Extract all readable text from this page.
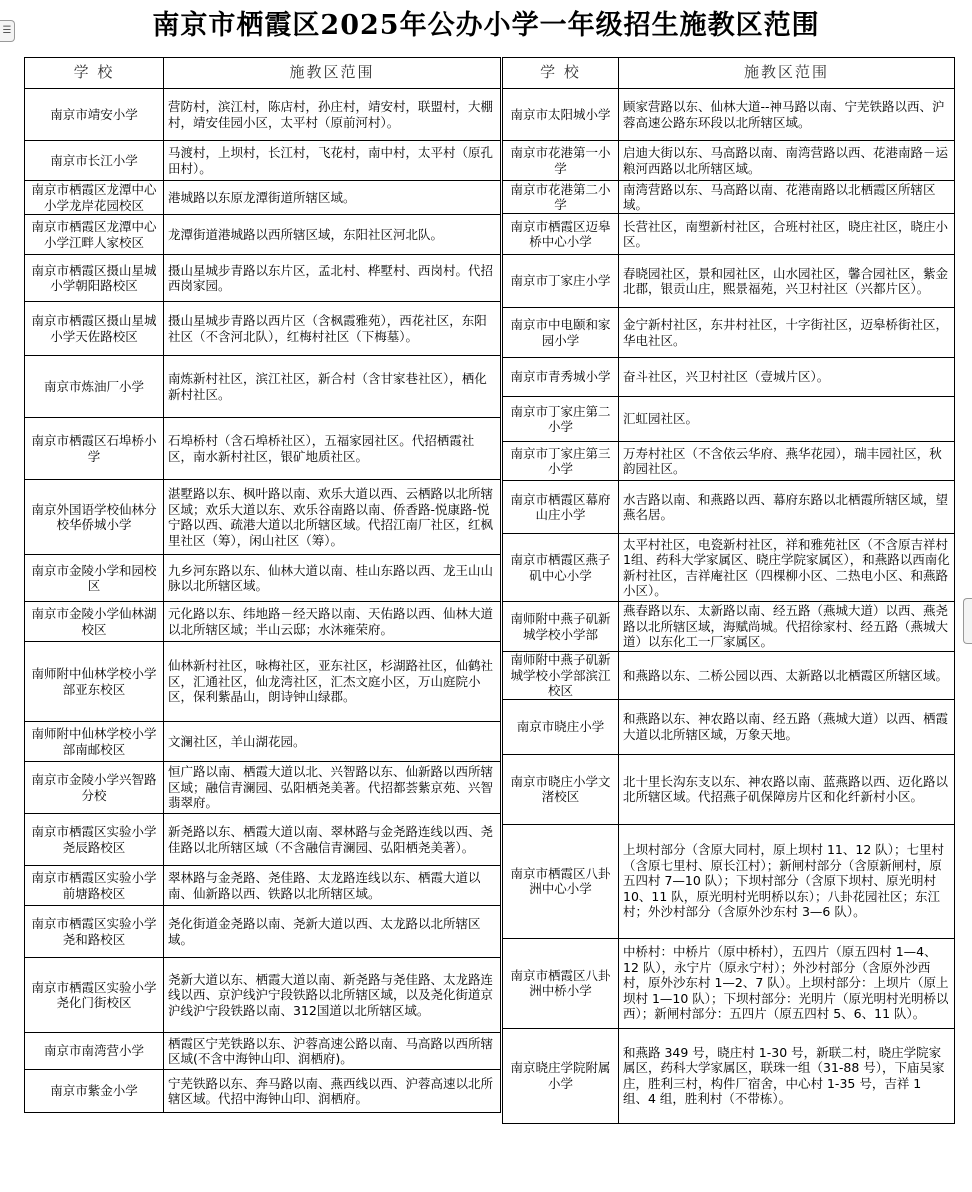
南京市栖霞区2025年公办小学一年级招生施教区范围
☰
学 校	施教区范围
南京市靖安小学	营防村，滨江村，陈店村，孙庄村，靖安村，联盟村，大棚村，靖安佳园小区，太平村（原前河村）。
南京市长江小学	马渡村，上坝村，长江村，飞花村，南中村，太平村（原孔田村）。
南京市栖霞区龙潭中心小学龙岸花园校区	港城路以东原龙潭街道所辖区域。
南京市栖霞区龙潭中心小学江畔人家校区	龙潭街道港城路以西所辖区域，东阳社区河北队。
南京市栖霞区摄山星城小学朝阳路校区	摄山星城步青路以东片区，孟北村、桦墅村、西岗村。代招西岗家园。
南京市栖霞区摄山星城小学天佐路校区	摄山星城步青路以西片区（含枫霞雅苑），西花社区，东阳社区（不含河北队），红梅村社区（下梅墓）。
南京市炼油厂小学	南炼新村社区，滨江社区，新合村（含甘家巷社区），栖化新村社区。
南京市栖霞区石埠桥小学	石埠桥村（含石埠桥社区），五福家园社区。代招栖霞社区，南水新村社区，银矿地质社区。
南京外国语学校仙林分校华侨城小学	湛墅路以东、枫叶路以南、欢乐大道以西、云栖路以北所辖区域；欢乐大道以东、欢乐谷南路以南、侨香路-悦康路-悦宁路以西、疏港大道以北所辖区域。代招江南厂社区，红枫里社区（筹），闲山社区（筹）。
南京市金陵小学和园校区	九乡河东路以东、仙林大道以南、桂山东路以西、龙王山山脉以北所辖区域。
南京市金陵小学仙林湖校区	元化路以东、纬地路－经天路以南、天佑路以西、仙林大道以北所辖区域；半山云邸；水沐雍荣府。
南师附中仙林学校小学部亚东校区	仙林新村社区，咏梅社区，亚东社区，杉湖路社区，仙鹤社区，汇通社区，仙龙湾社区，汇杰文庭小区，万山庭院小区，保利紫晶山，朗诗钟山绿郡。
南师附中仙林学校小学部南邮校区	文澜社区，羊山湖花园。
南京市金陵小学兴智路分校	恒广路以南、栖霞大道以北、兴智路以东、仙新路以西所辖区域；融信青澜园、弘阳栖尧美著。代招都荟紫京苑、兴智翡翠府。
南京市栖霞区实验小学尧辰路校区	新尧路以东、栖霞大道以南、翠林路与金尧路连线以西、尧佳路以北所辖区域（不含融信青澜园、弘阳栖尧美著）。
南京市栖霞区实验小学前塘路校区	翠林路与金尧路、尧佳路、太龙路连线以东、栖霞大道以南、仙新路以西、铁路以北所辖区域。
南京市栖霞区实验小学尧和路校区	尧化街道金尧路以南、尧新大道以西、太龙路以北所辖区域。
南京市栖霞区实验小学尧化门街校区	尧新大道以东、栖霞大道以南、新尧路与尧佳路、太龙路连线以西、京沪线沪宁段铁路以北所辖区域，以及尧化街道京沪线沪宁段铁路以南、312国道以北所辖区域。
南京市南湾营小学	栖霞区宁芜铁路以东、沪蓉高速公路以南、马高路以西所辖区域(不含中海钟山印、润栖府)。
南京市紫金小学	宁芜铁路以东、奔马路以南、燕西线以西、沪蓉高速以北所辖区域。代招中海钟山印、润栖府。
学 校	施教区范围
南京市太阳城小学	顾家营路以东、仙林大道--神马路以南、宁芜铁路以西、沪蓉高速公路东环段以北所辖区域。
南京市花港第一小学	启迪大街以东、马高路以南、南湾营路以西、花港南路－运粮河西路以北所辖区域。
南京市花港第二小学	南湾营路以东、马高路以南、花港南路以北栖霞区所辖区域。
南京市栖霞区迈皋桥中心小学	长营社区，南塑新村社区，合班村社区，晓庄社区，晓庄小区。
南京市丁家庄小学	春晓园社区，景和园社区，山水园社区，馨合园社区，紫金北郡，银贡山庄，熙景福苑，兴卫村社区（兴都片区）。
南京市中电颐和家园小学	金宁新村社区，东井村社区，十字街社区，迈皋桥街社区，华电社区。
南京市青秀城小学	奋斗社区，兴卫村社区（壹城片区）。
南京市丁家庄第二小学	汇虹园社区。
南京市丁家庄第三小学	万寿村社区（不含依云华府、燕华花园），瑞丰园社区，秋韵园社区。
南京市栖霞区幕府山庄小学	水吉路以南、和燕路以西、幕府东路以北栖霞所辖区域，望燕名居。
南京市栖霞区燕子矶中心小学	太平村社区，电瓷新村社区，祥和雅苑社区（不含原吉祥村1组、药科大学家属区、晓庄学院家属区），和燕路以西南化新村社区，吉祥庵社区（四棵柳小区、二热电小区、和燕路小区）。
南师附中燕子矶新城学校小学部	燕春路以东、太新路以南、经五路（燕城大道）以西、燕尧路以北所辖区域，海赋尚城。代招徐家村、经五路（燕城大道）以东化工一厂家属区。
南师附中燕子矶新城学校小学部滨江校区	和燕路以东、二桥公园以西、太新路以北栖霞区所辖区域。
南京市晓庄小学	和燕路以东、神农路以南、经五路（燕城大道）以西、栖霞大道以北所辖区域，万象天地。
南京市晓庄小学文渚校区	北十里长沟东支以东、神农路以南、蓝燕路以西、迈化路以北所辖区域。代招燕子矶保障房片区和化纤新村小区。
南京市栖霞区八卦洲中心小学	上坝村部分（含原大同村，原上坝村 11、12 队）；七里村（含原七里村、原长江村）；新闸村部分（含原新闸村，原五四村 7—10 队）；下坝村部分（含原下坝村、原光明村 10、11 队，原光明村光明桥以东）；八卦花园社区；东江村；外沙村部分（含原外沙东村 3—6 队）。
南京市栖霞区八卦洲中桥小学	中桥村：中桥片（原中桥村），五四片（原五四村 1—4、12 队），永宁片（原永宁村）；外沙村部分（含原外沙西村，原外沙东村 1—2、7 队）。上坝村部分：上坝片（原上坝村 1—10 队）；下坝村部分：光明片（原光明村光明桥以西）；新闸村部分：五四片（原五四村 5、6、11 队）。
南京晓庄学院附属小学	和燕路 349 号，晓庄村 1-30 号，新联二村，晓庄学院家属区，药科大学家属区，联珠一组（31-88 号），下庙吴家庄，胜利三村，构件厂宿舍，中心村 1-35 号，吉祥 1 组、4 组，胜利村（不带栋）。
